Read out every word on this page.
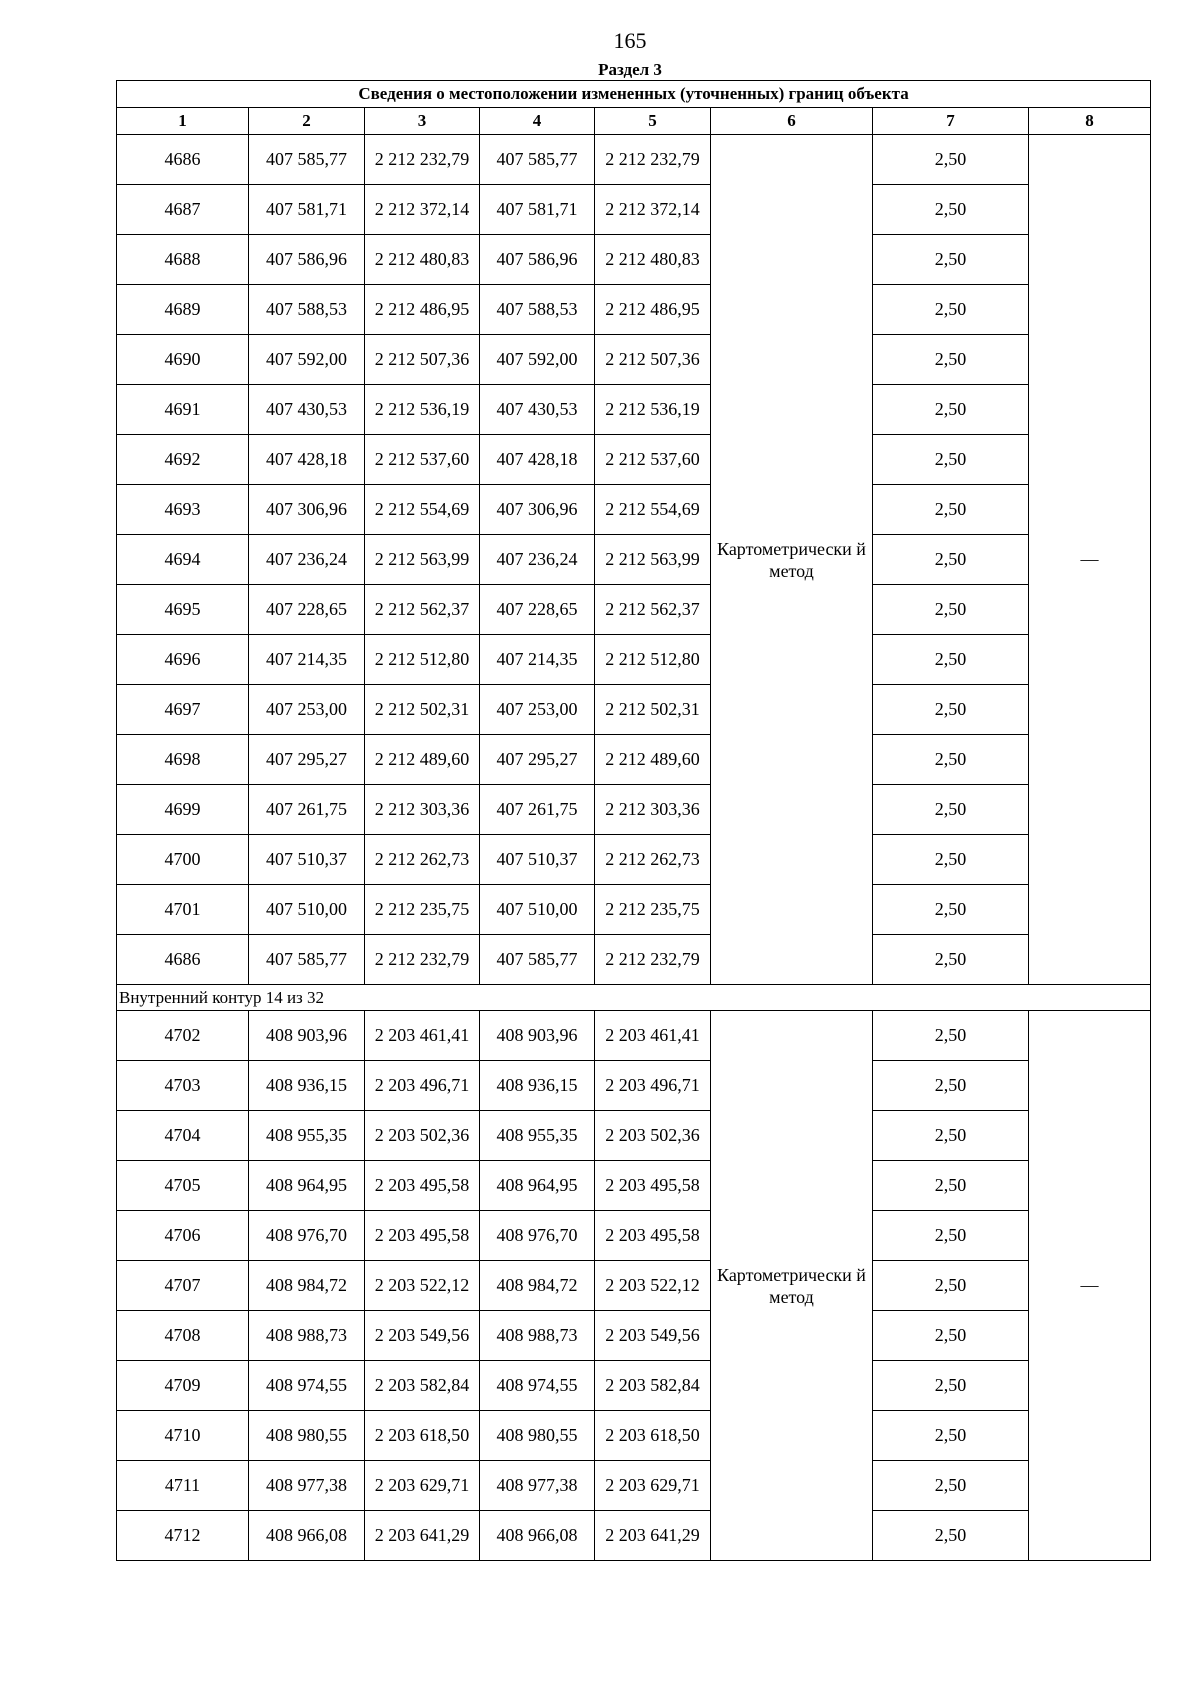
165
Раздел 3
Сведения о местоположении измененных (уточненных) границ объекта							
1	2	3	4	5	6	7	8
4686	407 585,77	2 212 232,79	407 585,77	2 212 232,79	Картометрически й метод	2,50	—
4687	407 581,71	2 212 372,14	407 581,71	2 212 372,14		2,50	
4688	407 586,96	2 212 480,83	407 586,96	2 212 480,83		2,50	
4689	407 588,53	2 212 486,95	407 588,53	2 212 486,95		2,50	
4690	407 592,00	2 212 507,36	407 592,00	2 212 507,36		2,50	
4691	407 430,53	2 212 536,19	407 430,53	2 212 536,19		2,50	
4692	407 428,18	2 212 537,60	407 428,18	2 212 537,60		2,50	
4693	407 306,96	2 212 554,69	407 306,96	2 212 554,69		2,50	
4694	407 236,24	2 212 563,99	407 236,24	2 212 563,99		2,50	
4695	407 228,65	2 212 562,37	407 228,65	2 212 562,37		2,50	
4696	407 214,35	2 212 512,80	407 214,35	2 212 512,80		2,50	
4697	407 253,00	2 212 502,31	407 253,00	2 212 502,31		2,50	
4698	407 295,27	2 212 489,60	407 295,27	2 212 489,60		2,50	
4699	407 261,75	2 212 303,36	407 261,75	2 212 303,36		2,50	
4700	407 510,37	2 212 262,73	407 510,37	2 212 262,73		2,50	
4701	407 510,00	2 212 235,75	407 510,00	2 212 235,75		2,50	
4686	407 585,77	2 212 232,79	407 585,77	2 212 232,79		2,50	
Внутренний контур 14 из 32							
4702	408 903,96	2 203 461,41	408 903,96	2 203 461,41	Картометрически й метод	2,50	—
4703	408 936,15	2 203 496,71	408 936,15	2 203 496,71		2,50	
4704	408 955,35	2 203 502,36	408 955,35	2 203 502,36		2,50	
4705	408 964,95	2 203 495,58	408 964,95	2 203 495,58		2,50	
4706	408 976,70	2 203 495,58	408 976,70	2 203 495,58		2,50	
4707	408 984,72	2 203 522,12	408 984,72	2 203 522,12		2,50	
4708	408 988,73	2 203 549,56	408 988,73	2 203 549,56		2,50	
4709	408 974,55	2 203 582,84	408 974,55	2 203 582,84		2,50	
4710	408 980,55	2 203 618,50	408 980,55	2 203 618,50		2,50	
4711	408 977,38	2 203 629,71	408 977,38	2 203 629,71		2,50	
4712	408 966,08	2 203 641,29	408 966,08	2 203 641,29		2,50	
